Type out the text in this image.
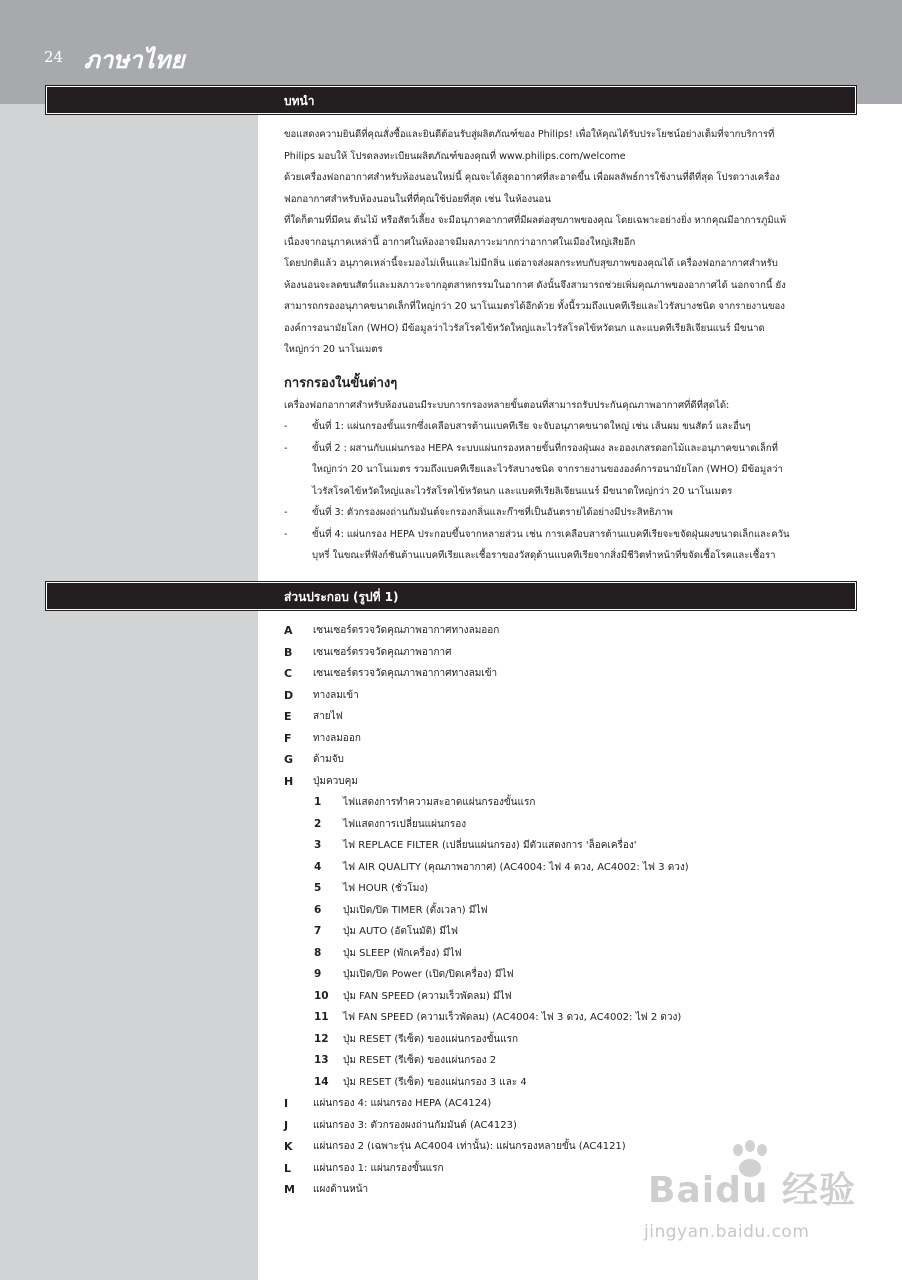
24 ภาษาไทย
บทนำ

ขอแสดงความยินดีที่คุณสั่งซื้อและยินดีต้อนรับสู่ผลิตภัณฑ์ของ Philips! เพื่อให้คุณได้รับประโยชน์อย่างเต็มที่จากบริการที่

Philips มอบให้ โปรดลงทะเบียนผลิตภัณฑ์ของคุณที่ www.philips.com/welcome

ด้วยเครื่องฟอกอากาศสำหรับห้องนอนใหม่นี้ คุณจะได้สูดอากาศที่สะอาดขึ้น เพื่อผลลัพธ์การใช้งานที่ดีที่สุด โปรดวางเครื่อง

ฟอกอากาศสำหรับห้องนอนในที่ที่คุณใช้บ่อยที่สุด เช่น ในห้องนอน

ที่ใดก็ตามที่มีคน ต้นไม้ หรือสัตว์เลี้ยง จะมีอนุภาคอากาศที่มีผลต่อสุขภาพของคุณ โดยเฉพาะอย่างยิ่ง หากคุณมีอาการภูมิแพ้

เนื่องจากอนุภาคเหล่านี้ อากาศในห้องอาจมีมลภาวะมากกว่าอากาศในเมืองใหญ่เสียอีก

โดยปกติแล้ว อนุภาคเหล่านี้จะมองไม่เห็นและไม่มีกลิ่น แต่อาจส่งผลกระทบกับสุขภาพของคุณได้ เครื่องฟอกอากาศสำหรับ

ห้องนอนจะลดขนสัตว์และมลภาวะจากอุตสาหกรรมในอากาศ ดังนั้นจึงสามารถช่วยเพิ่มคุณภาพของอากาศได้ นอกจากนี้ ยัง

สามารถกรองอนุภาคขนาดเล็กที่ใหญ่กว่า 20 นาโนเมตรได้อีกด้วย ทั้งนี้รวมถึงแบคทีเรียและไวรัสบางชนิด จากรายงานของ

องค์การอนามัยโลก (WHO) มีข้อมูลว่าไวรัสโรคไข้หวัดใหญ่และไวรัสโรคไข้หวัดนก และแบคทีเรียลิเจียนแนร์ มีขนาด

ใหญ่กว่า 20 นาโนเมตร

การกรองในขั้นต่างๆ
เครื่องฟอกอากาศสำหรับห้องนอนมีระบบการกรองหลายขั้นตอนที่สามารถรับประกันคุณภาพอากาศที่ดีที่สุดได้:
-	ขั้นที่ 1: แผ่นกรองขั้นแรกซึ่งเคลือบสารต้านแบคทีเรีย จะจับอนุภาคขนาดใหญ่ เช่น เส้นผม ขนสัตว์ และอื่นๆ
-	ขั้นที่ 2 : ผสานกับแผ่นกรอง HEPA ระบบแผ่นกรองหลายขั้นที่กรองฝุ่นผง ละอองเกสรดอกไม้และอนุภาคขนาดเล็กที่
ใหญ่กว่า 20 นาโนเมตร รวมถึงแบคทีเรียและไวรัสบางชนิด จากรายงานขององค์การอนามัยโลก (WHO) มีข้อมูลว่า
ไวรัสโรคไข้หวัดใหญ่และไวรัสโรคไข้หวัดนก และแบคทีเรียลิเจียนแนร์ มีขนาดใหญ่กว่า 20 นาโนเมตร
-	ขั้นที่ 3: ตัวกรองผงถ่านกัมมันต์จะกรองกลิ่นและก๊าซที่เป็นอันตรายได้อย่างมีประสิทธิภาพ
-	ขั้นที่ 4: แผ่นกรอง HEPA ประกอบขึ้นจากหลายส่วน เช่น การเคลือบสารต้านแบคทีเรียจะขจัดฝุ่นผงขนาดเล็กและควัน
บุหรี่ ในขณะที่ฟังก์ชันต้านแบคทีเรียและเชื้อราของวัสดุต้านแบคทีเรียจากสิ่งมีชีวิตทำหน้าที่ขจัดเชื้อโรคและเชื้อรา
ส่วนประกอบ (รูปที่ 1)
A เซนเซอร์ตรวจวัดคุณภาพอากาศทางลมออก
B เซนเซอร์ตรวจวัดคุณภาพอากาศ
C เซนเซอร์ตรวจวัดคุณภาพอากาศทางลมเข้า
D ทางลมเข้า
E สายไฟ
F ทางลมออก
G ด้ามจับ
H ปุ่มควบคุม
1 ไฟแสดงการทำความสะอาดแผ่นกรองขั้นแรก
2 ไฟแสดงการเปลี่ยนแผ่นกรอง
3 ไฟ REPLACE FILTER (เปลี่ยนแผ่นกรอง) มีตัวแสดงการ 'ล็อคเครื่อง'
4 ไฟ AIR QUALITY (คุณภาพอากาศ) (AC4004: ไฟ 4 ดวง, AC4002: ไฟ 3 ดวง)
5 ไฟ HOUR (ชั่วโมง)
6 ปุ่มเปิด/ปิด TIMER (ตั้งเวลา) มีไฟ
7 ปุ่ม AUTO (อัตโนมัติ) มีไฟ
8 ปุ่ม SLEEP (พักเครื่อง) มีไฟ
9 ปุ่มเปิด/ปิด Power (เปิด/ปิดเครื่อง) มีไฟ
10 ปุ่ม FAN SPEED (ความเร็วพัดลม) มีไฟ
11 ไฟ FAN SPEED (ความเร็วพัดลม) (AC4004: ไฟ 3 ดวง, AC4002: ไฟ 2 ดวง)
12 ปุ่ม RESET (รีเซ็ต) ของแผ่นกรองขั้นแรก
13 ปุ่ม RESET (รีเซ็ต) ของแผ่นกรอง 2
14 ปุ่ม RESET (รีเซ็ต) ของแผ่นกรอง 3 และ 4
I แผ่นกรอง 4: แผ่นกรอง HEPA (AC4124)
J แผ่นกรอง 3: ตัวกรองผงถ่านกัมมันต์ (AC4123)
K แผ่นกรอง 2 (เฉพาะรุ่น AC4004 เท่านั้น): แผ่นกรองหลายขั้น (AC4121)
L แผ่นกรอง 1: แผ่นกรองขั้นแรก
M แผงด้านหน้า	Baidu 经验
jingyan.baidu.com
